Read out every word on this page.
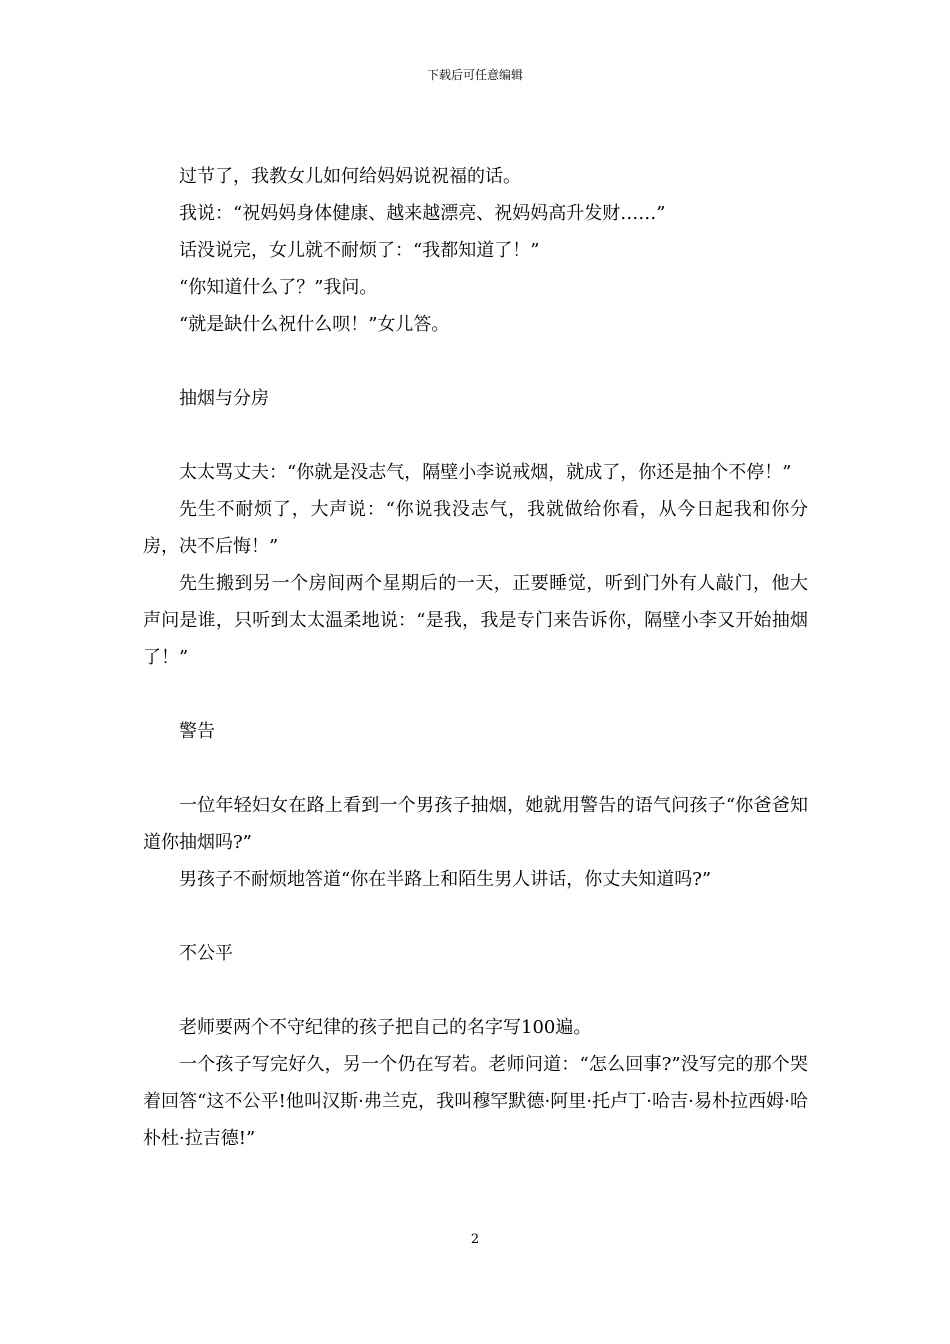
下载后可任意编辑

过节了，我教女儿如何给妈妈说祝福的话。

我说：“祝妈妈身体健康、越来越漂亮、祝妈妈高升发财……”

话没说完，女儿就不耐烦了：“我都知道了！”

“你知道什么了？”我问。

“就是缺什么祝什么呗！”女儿答。

抽烟与分房

太太骂丈夫：“你就是没志气，隔壁小李说戒烟，就成了，你还是抽个不停！”

先生不耐烦了，大声说：“你说我没志气，我就做给你看，从今日起我和你分房，决不后悔！”

先生搬到另一个房间两个星期后的一天，正要睡觉，听到门外有人敲门，他大声问是谁，只听到太太温柔地说：“是我，我是专门来告诉你，隔壁小李又开始抽烟了！”

警告

一位年轻妇女在路上看到一个男孩子抽烟，她就用警告的语气问孩子“你爸爸知道你抽烟吗?”

男孩子不耐烦地答道“你在半路上和陌生男人讲话，你丈夫知道吗?”

不公平

老师要两个不守纪律的孩子把自己的名字写100遍。

一个孩子写完好久，另一个仍在写若。老师问道：“怎么回事?”没写完的那个哭着回答“这不公平!他叫汉斯·弗兰克，我叫穆罕默德·阿里·托卢丁·哈吉·易朴拉西姆·哈朴杜·拉吉德!”

2
